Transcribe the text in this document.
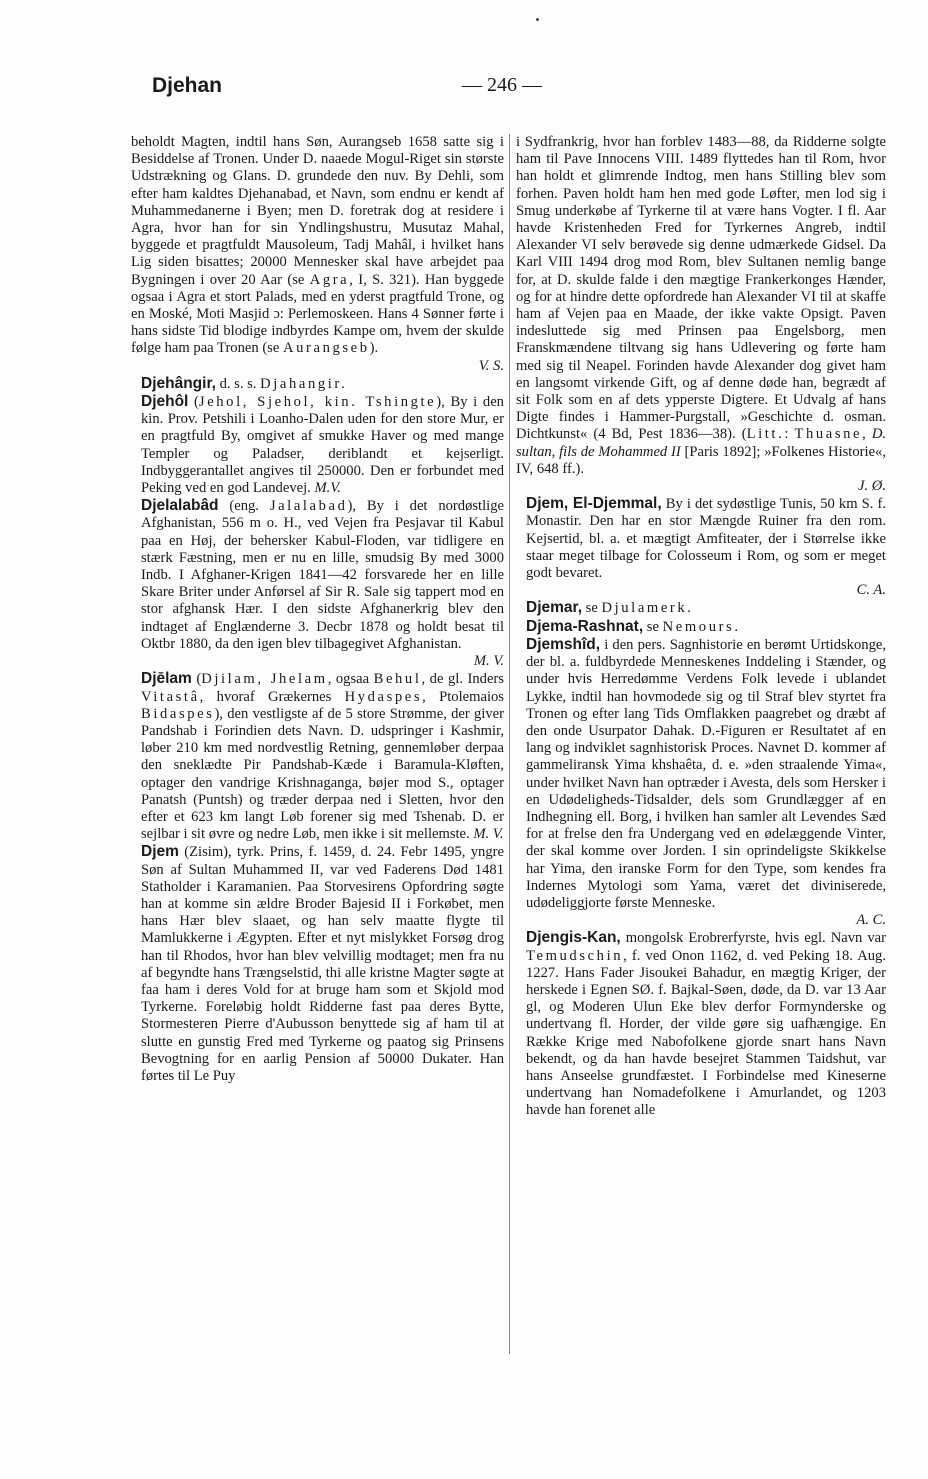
Djehan	— 246 —

beholdt Magten, indtil hans Søn, Aurangseb 1658 satte sig i Besiddelse af Tronen. Under D. naaede Mogul-Riget sin største Udstrækning og Glans. D. grundede den nuv. By Dehli, som efter ham kaldtes Djehanabad, et Navn, som endnu er kendt af Muhammedanerne i Byen; men D. foretrak dog at residere i Agra, hvor han for sin Yndlingshustru, Musutaz Mahal, byggede et pragtfuldt Mausoleum, Tadj Mahâl, i hvilket hans Lig siden bisattes; 20000 Mennesker skal have arbejdet paa Bygningen i over 20 Aar (se Agra, I, S. 321). Han byggede ogsaa i Agra et stort Palads, med en yderst pragtfuld Trone, og en Moské, Moti Masjid ɔ: Perlemoskeen. Hans 4 Sønner førte i hans sidste Tid blodige indbyrdes Kampe om, hvem der skulde følge ham paa Tronen (se Aurangseb).
V. S.

Djehângir, d. s. s. Djahangir.

Djehôl (Jehol, Sjehol, kin. Tshingte), By i den kin. Prov. Petshili i Loanho-Dalen uden for den store Mur, er en pragtfuld By, omgivet af smukke Haver og med mange Templer og Paladser, deriblandt et kejserligt. Indbyggerantallet angives til 250000. Den er forbundet med Peking ved en god Landevej. M.V.

Djelalabâd (eng. Jalalabad), By i det nordøstlige Afghanistan, 556 m o. H., ved Vejen fra Pesjavar til Kabul paa en Høj, der behersker Kabul-Floden, var tidligere en stærk Fæstning, men er nu en lille, smudsig By med 3000 Indb. I Afghaner-Krigen 1841—42 forsvarede her en lille Skare Briter under Anførsel af Sir R. Sale sig tappert mod en stor afghansk Hær. I den sidste Afghanerkrig blev den indtaget af Englænderne 3. Decbr 1878 og holdt besat til Oktbr 1880, da den igen blev tilbagegivet Afghanistan.
M. V.

Djēlam (Djilam, Jhelam, ogsaa Behul, de gl. Inders Vitastâ, hvoraf Grækernes Hydaspes, Ptolemaios Bidaspes), den vestligste af de 5 store Strømme, der giver Pandshab i Forindien dets Navn. D. udspringer i Kashmir, løber 210 km med nordvestlig Retning, gennemløber derpaa den sneklædte Pir Pandshab-Kæde i Baramula-Kløften, optager den vandrige Krishnaganga, bøjer mod S., optager Panatsh (Puntsh) og træder derpaa ned i Sletten, hvor den efter et 623 km langt Løb forener sig med Tshenab. D. er sejlbar i sit øvre og nedre Løb, men ikke i sit mellemste. M. V.

Djem (Zisim), tyrk. Prins, f. 1459, d. 24. Febr 1495, yngre Søn af Sultan Muhammed II, var ved Faderens Død 1481 Statholder i Karamanien. Paa Storvesirens Opfordring søgte han at komme sin ældre Broder Bajesid II i Forkøbet, men hans Hær blev slaaet, og han selv maatte flygte til Mamlukkerne i Ægypten. Efter et nyt mislykket Forsøg drog han til Rhodos, hvor han blev velvillig modtaget; men fra nu af begyndte hans Trængselstid, thi alle kristne Magter søgte at faa ham i deres Vold for at bruge ham som et Skjold mod Tyrkerne. Foreløbig holdt Ridderne fast paa deres Bytte, Stormesteren Pierre d'Aubusson benyttede sig af ham til at slutte en gunstig Fred med Tyrkerne og paatog sig Prinsens Bevogtning for en aarlig Pension af 50000 Dukater. Han førtes til Le Puy

i Sydfrankrig, hvor han forblev 1483—88, da Ridderne solgte ham til Pave Innocens VIII. 1489 flyttedes han til Rom, hvor han holdt et glimrende Indtog, men hans Stilling blev som forhen. Paven holdt ham hen med gode Løfter, men lod sig i Smug underkøbe af Tyrkerne til at være hans Vogter. I fl. Aar havde Kristenheden Fred for Tyrkernes Angreb, indtil Alexander VI selv berøvede sig denne udmærkede Gidsel. Da Karl VIII 1494 drog mod Rom, blev Sultanen nemlig bange for, at D. skulde falde i den mægtige Frankerkonges Hænder, og for at hindre dette opfordrede han Alexander VI til at skaffe ham af Vejen paa en Maade, der ikke vakte Opsigt. Paven indesluttede sig med Prinsen paa Engelsborg, men Franskmændene tiltvang sig hans Udlevering og førte ham med sig til Neapel. Forinden havde Alexander dog givet ham en langsomt virkende Gift, og af denne døde han, begrædt af sit Folk som en af dets ypperste Digtere. Et Udvalg af hans Digte findes i Hammer-Purgstall, »Geschichte d. osman. Dichtkunst« (4 Bd, Pest 1836—38). (Litt.: Thuasne, D. sultan, fils de Mohammed II [Paris 1892]; »Folkenes Historie«, IV, 648 ff.).
J. Ø.

Djem, El-Djemmal, By i det sydøstlige Tunis, 50 km S. f. Monastir. Den har en stor Mængde Ruiner fra den rom. Kejsertid, bl. a. et mægtigt Amfiteater, der i Størrelse ikke staar meget tilbage for Colosseum i Rom, og som er meget godt bevaret.
C. A.

Djemar, se Djulamerk.

Djema-Rashnat, se Nemours.

Djemshîd, i den pers. Sagnhistorie en berømt Urtidskonge, der bl. a. fuldbyrdede Menneskenes Inddeling i Stænder, og under hvis Herredømme Verdens Folk levede i ublandet Lykke, indtil han hovmodede sig og til Straf blev styrtet fra Tronen og efter lang Tids Omflakken paagrebet og dræbt af den onde Usurpator Dahak. D.-Figuren er Resultatet af en lang og indviklet sagnhistorisk Proces. Navnet D. kommer af gammeliransk Yima khshaêta, d. e. »den straalende Yima«, under hvilket Navn han optræder i Avesta, dels som Hersker i en Udødeligheds-Tidsalder, dels som Grundlægger af en Indhegning ell. Borg, i hvilken han samler alt Levendes Sæd for at frelse den fra Undergang ved en ødelæggende Vinter, der skal komme over Jorden. I sin oprindeligste Skikkelse har Yima, den iranske Form for den Type, som kendes fra Indernes Mytologi som Yama, været det diviniserede, udødeliggjorte første Menneske.
A. C.

Djengis-Kan, mongolsk Erobrerfyrste, hvis egl. Navn var Temudschin, f. ved Onon 1162, d. ved Peking 18. Aug. 1227. Hans Fader Jisoukei Bahadur, en mægtig Kriger, der herskede i Egnen SØ. f. Bajkal-Søen, døde, da D. var 13 Aar gl, og Moderen Ulun Eke blev derfor Formynderske og undertvang fl. Horder, der vilde gøre sig uafhængige. En Række Krige med Nabofolkene gjorde snart hans Navn bekendt, og da han havde besejret Stammen Taidshut, var hans Anseelse grundfæstet. I Forbindelse med Kineserne undertvang han Nomadefolkene i Amurlandet, og 1203 havde han forenet alle
